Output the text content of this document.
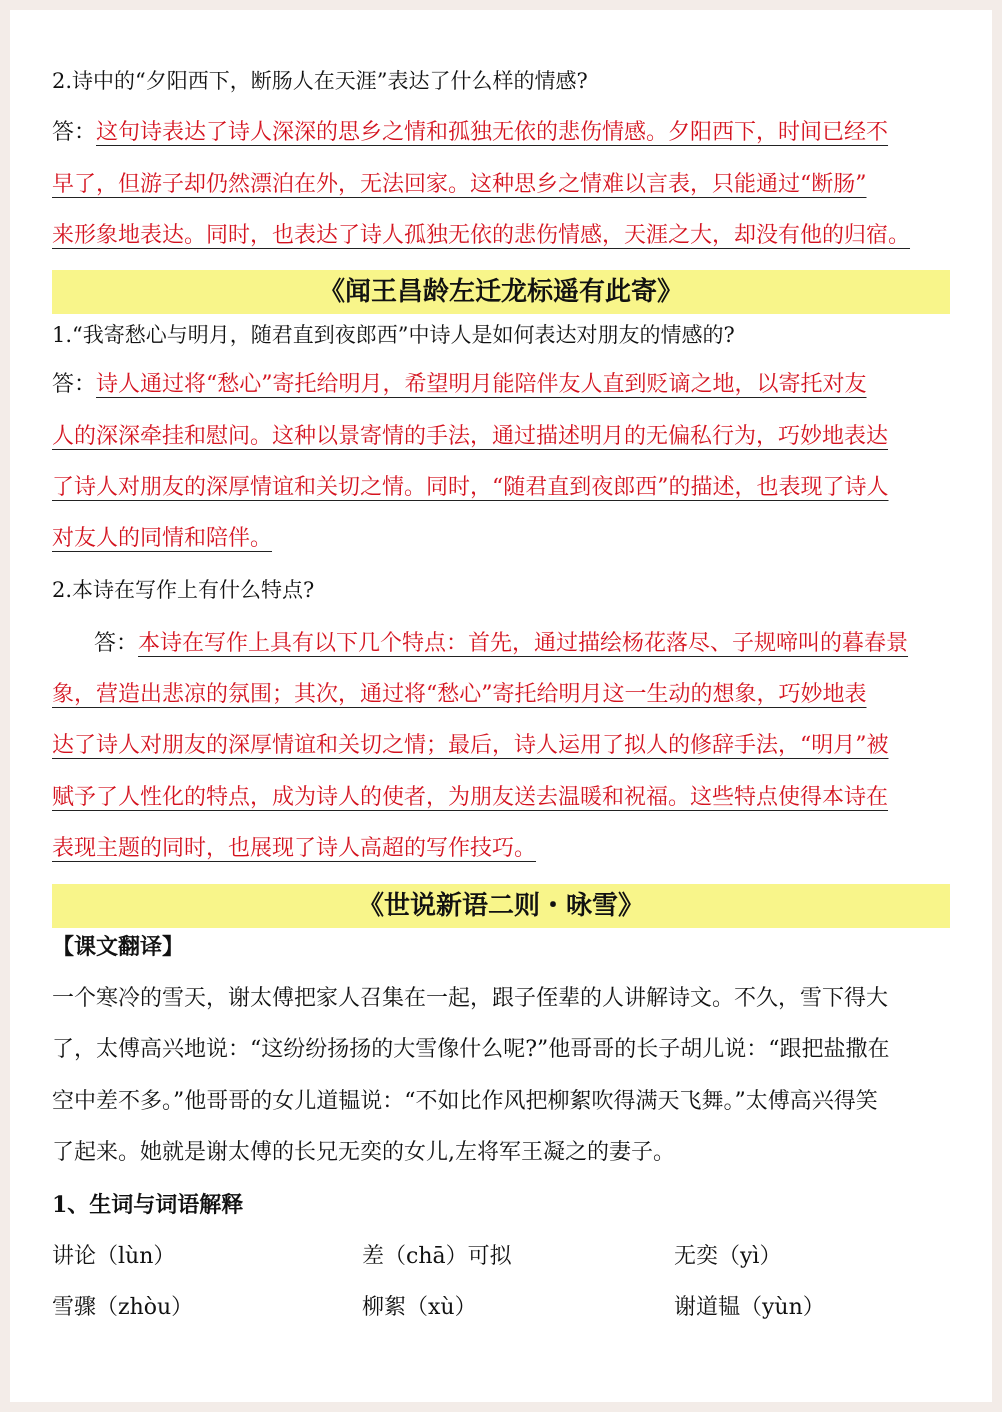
2.诗中的“夕阳西下，断肠人在天涯”表达了什么样的情感?
答：这句诗表达了诗人深深的思乡之情和孤独无依的悲伤情感。夕阳西下，时间已经不
早了，但游子却仍然漂泊在外，无法回家。这种思乡之情难以言表，只能通过“断肠”
来形象地表达。同时，也表达了诗人孤独无依的悲伤情感，天涯之大，却没有他的归宿。
《闻王昌龄左迁龙标遥有此寄》
1.“我寄愁心与明月，随君直到夜郎西”中诗人是如何表达对朋友的情感的?
答：诗人通过将“愁心”寄托给明月，希望明月能陪伴友人直到贬谪之地，以寄托对友
人的深深牵挂和慰问。这种以景寄情的手法，通过描述明月的无偏私行为，巧妙地表达
了诗人对朋友的深厚情谊和关切之情。同时，“随君直到夜郎西”的描述，也表现了诗人
对友人的同情和陪伴。
2.本诗在写作上有什么特点?
答：本诗在写作上具有以下几个特点：首先，通过描绘杨花落尽、子规啼叫的暮春景
象，营造出悲凉的氛围；其次，通过将“愁心”寄托给明月这一生动的想象，巧妙地表
达了诗人对朋友的深厚情谊和关切之情；最后，诗人运用了拟人的修辞手法，“明月”被
赋予了人性化的特点，成为诗人的使者，为朋友送去温暖和祝福。这些特点使得本诗在
表现主题的同时，也展现了诗人高超的写作技巧。
《世说新语二则・咏雪》
【课文翻译】
一个寒冷的雪天，谢太傅把家人召集在一起，跟子侄辈的人讲解诗文。不久，雪下得大
了，太傅高兴地说：“这纷纷扬扬的大雪像什么呢?”他哥哥的长子胡儿说：“跟把盐撒在
空中差不多。”他哥哥的女儿道韫说：“不如比作风把柳絮吹得满天飞舞。”太傅高兴得笑
了起来。她就是谢太傅的长兄无奕的女儿,左将军王凝之的妻子。
1、生词与词语解释
讲论（lùn）	差（chā）可拟	无奕（yì）
雪骤（zhòu）	柳絮（xù）	谢道韫（yùn）
